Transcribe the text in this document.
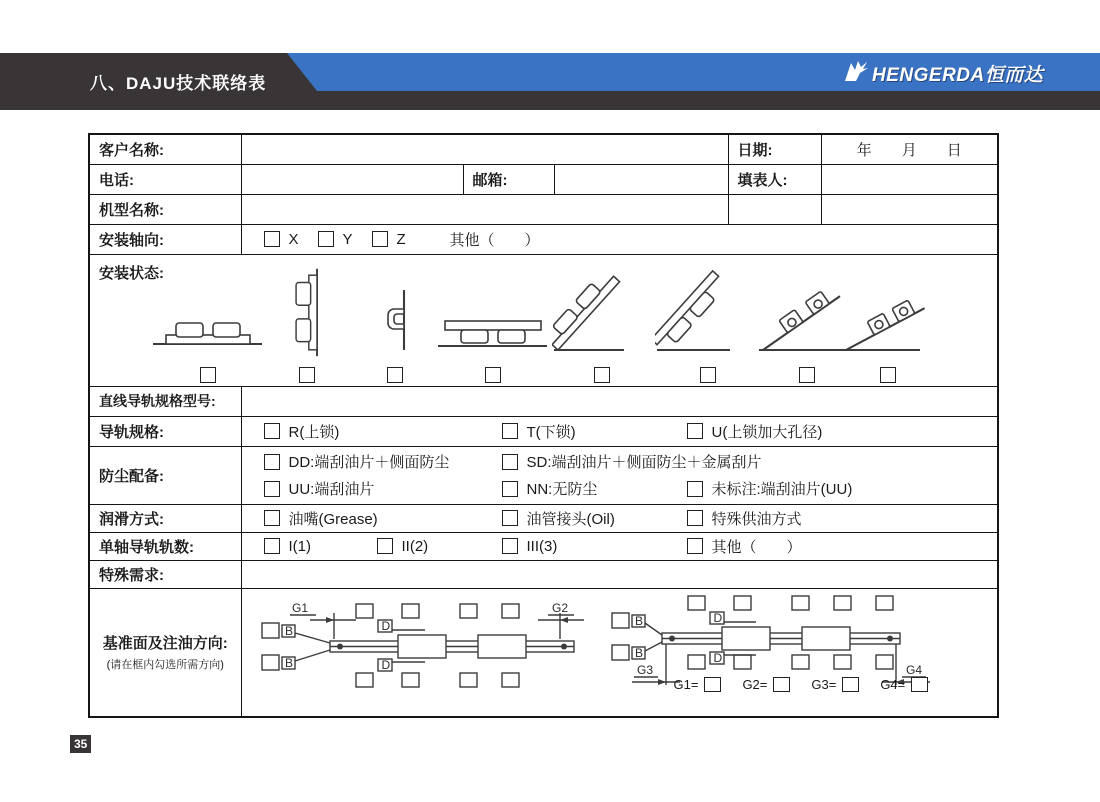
八、DAJU技术联络表	HENGERDA恒而达
客户名称:				日期:	年　　月　　日
电话:		邮箱:		填表人:	
机型名称:					
安装轴向:	X Y Z 其他（　　）				

安装状态:					

直线导轨规格型号:					
导轨规格:	R(上锁) T(下锁) U(上锁加大孔径)				

防尘配备:	DD:端刮油片＋侧面防尘 SD:端刮油片＋侧面防尘＋金属刮片
UU:端刮油片 NN:无防尘 未标注:端刮油片(UU)				

润滑方式:	油嘴(Grease) 油管接头(Oil) 特殊供油方式				

单轴导轨轨数:	I(1) II(2) III(3) 其他（　　）				

特殊需求:					

基准面及注油方向:
(请在框内勾选所需方向)

G1	G2
B
B
D
D
B
B
D
D
G3	G4
G1=	G2=	G3=	G4=
35
